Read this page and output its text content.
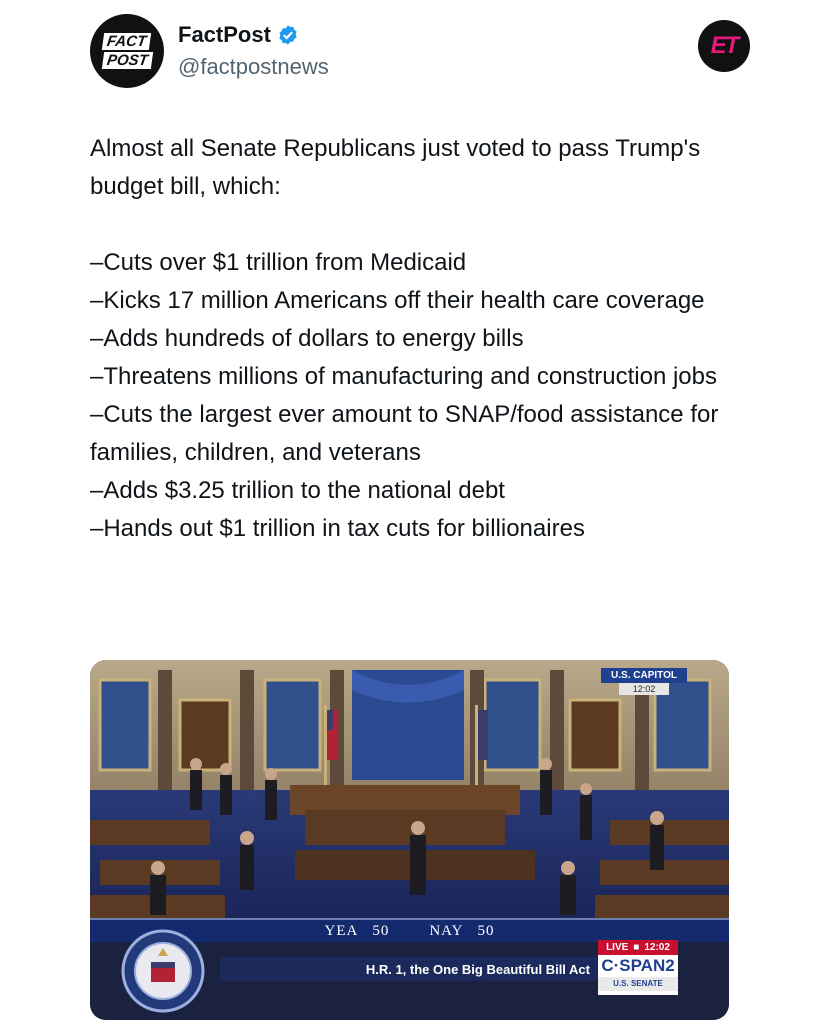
FACT
POST
FactPost
@factpostnews
ET

Almost all Senate Republicans just voted to pass Trump's budget bill, which:

–Cuts over $1 trillion from Medicaid

–Kicks 17 million Americans off their health care coverage

–Adds hundreds of dollars to energy bills

–Threatens millions of manufacturing and construction jobs

–Cuts the largest ever amount to SNAP/food assistance for families, children, and veterans

–Adds $3.25 trillion to the national debt

–Hands out $1 trillion in tax cuts for billionaires

U.S. CAPITOL
12:02
YEA 50	NAY 50
LIVE ■ 12:02
H.R. 1, the One Big Beautiful Bill Act C·SPAN2
U.S. SENATE
